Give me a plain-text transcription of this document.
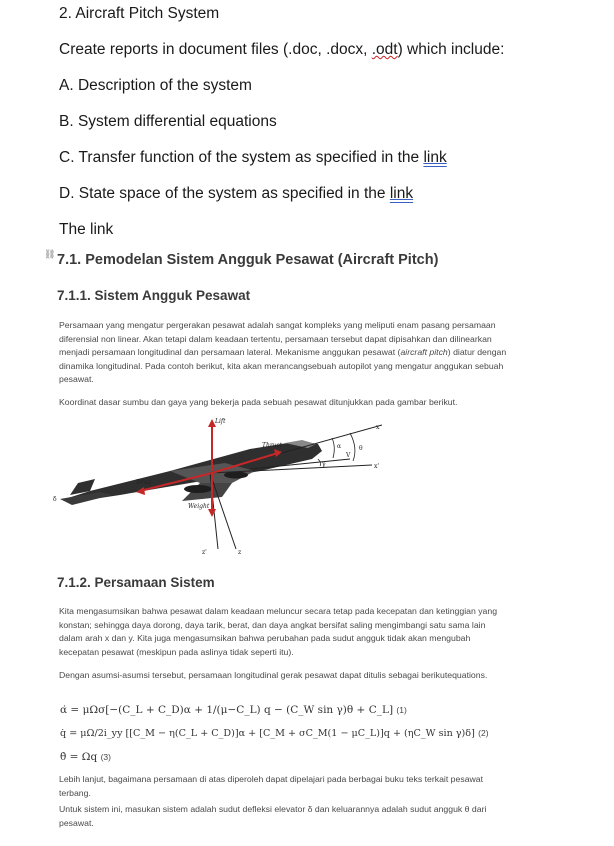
2. Aircraft Pitch System
Create reports in document files (.doc, .docx, .odt) which include:
A. Description of the system
B. System differential equations
C. Transfer function of the system as specified in the link
D. State space of the system as specified in the link
The link
⛓ 7.1. Pemodelan Sistem Angguk Pesawat (Aircraft Pitch)
7.1.1. Sistem Angguk Pesawat
Persamaan yang mengatur pergerakan pesawat adalah sangat kompleks yang meliputi enam pasang persamaan diferensial non linear. Akan tetapi dalam keadaan tertentu, persamaan tersebut dapat dipisahkan dan dilinearkan menjadi persamaan longitudinal dan persamaan lateral. Mekanisme anggukan pesawat (aircraft pitch) diatur dengan dinamika longitudinal. Pada contoh berikut, kita akan merancangsebuah autopilot yang mengatur anggukan sebuah pesawat.
Koordinat dasar sumbu dan gaya yang bekerja pada sebuah pesawat ditunjukkan pada gambar berikut.
Lift
Thrust
Drag
Weight
α	θ
V
γ
x
x'
z
z'
δ
7.1.2. Persamaan Sistem
Kita mengasumsikan bahwa pesawat dalam keadaan meluncur secara tetap pada kecepatan dan ketinggian yang konstan; sehingga daya dorong, daya tarik, berat, dan daya angkat bersifat saling mengimbangi satu sama lain dalam arah x dan y. Kita juga mengasumsikan bahwa perubahan pada sudut angguk tidak akan mengubah kecepatan pesawat (meskipun pada aslinya tidak seperti itu).
Dengan asumsi-asumsi tersebut, persamaan longitudinal gerak pesawat dapat ditulis sebagai berikutequations.
α̇ = μΩσ[−(C_L + C_D)α + 1/(μ−C_L) q − (C_W sin γ)θ + C_L] (1)
q̇ = μΩ/2i_yy [[C_M − η(C_L + C_D)]α + [C_M + σC_M(1 − μC_L)]q + (ηC_W sin γ)δ] (2)
θ̇ = Ωq (3)
Lebih lanjut, bagaimana persamaan di atas diperoleh dapat dipelajari pada berbagai buku teks terkait pesawat terbang.
Untuk sistem ini, masukan sistem adalah sudut defleksi elevator δ dan keluarannya adalah sudut angguk θ dari pesawat.
